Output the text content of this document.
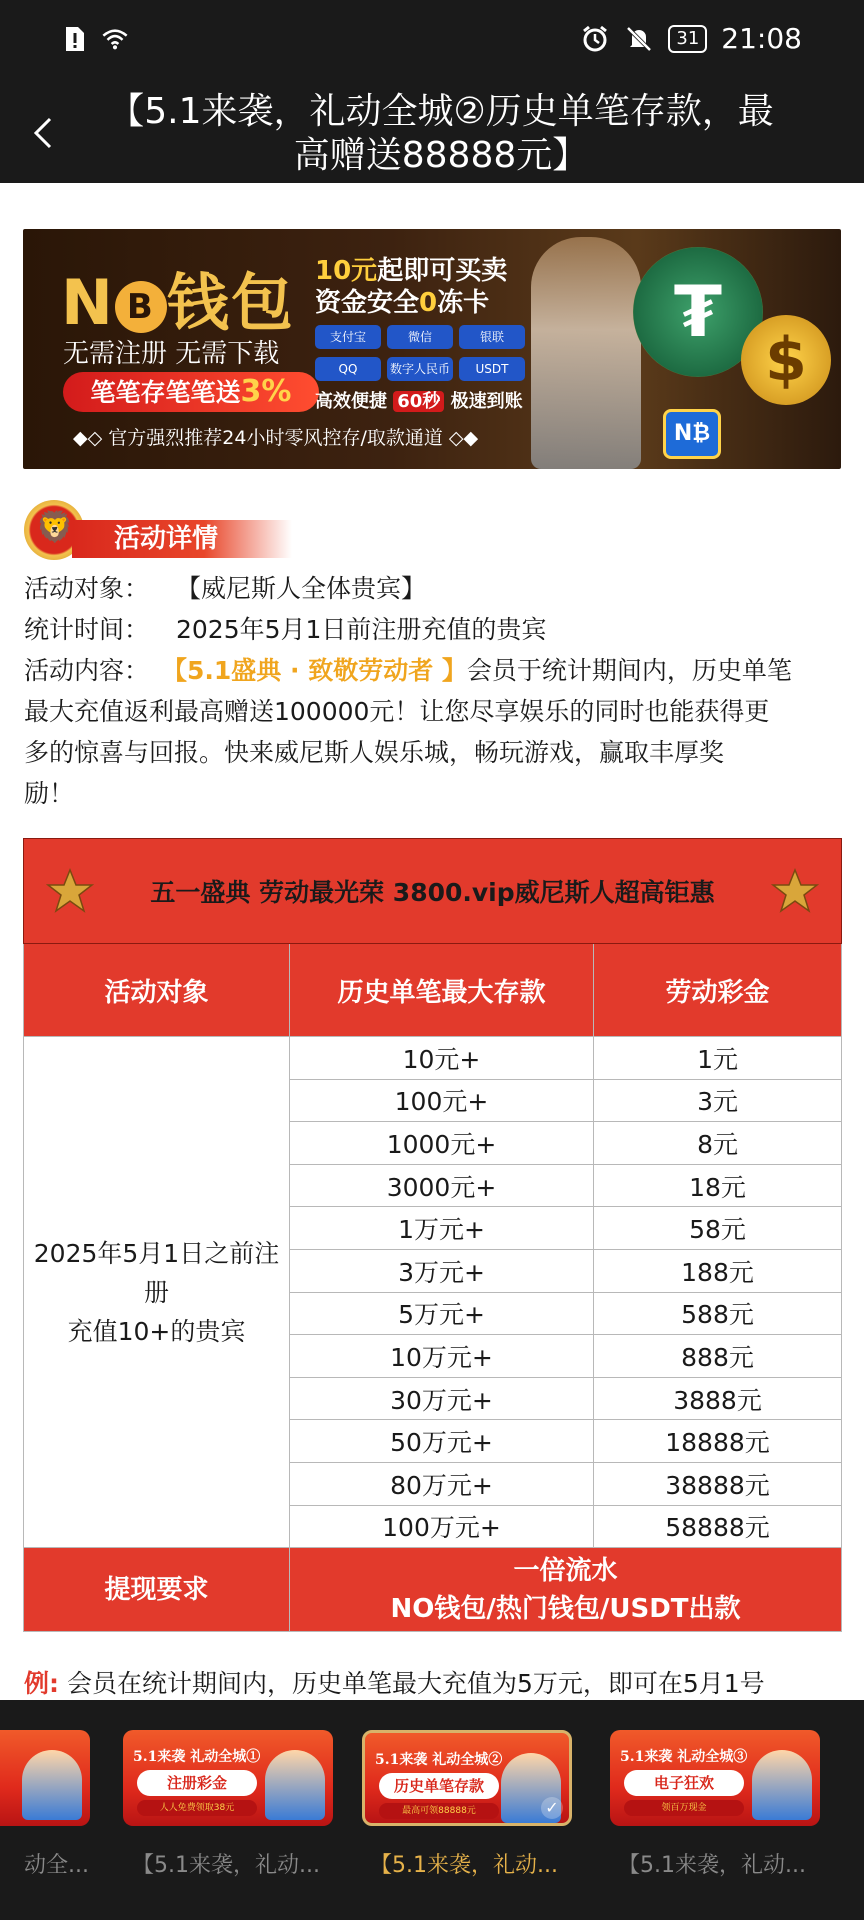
31 21:08
【5.1来袭，礼动全城②历史单笔存款，最
高赠送88888元】
N B 钱包
无需注册 无需下载
笔笔存笔笔送3%
10元起即可买卖
资金安全0冻卡
支付宝	微信	银联
QQ	数字人民币	USDT
高效便捷 60秒 极速到账
◆◇ 官方强烈推荐24小时零风控存/取款通道 ◇◆
₮
$
N₿
🦁
活动详情
活动对象： 【威尼斯人全体贵宾】
统计时间： 2025年5月1日前注册充值的贵宾
活动内容： 【5.1盛典 · 致敬劳动者 】会员于统计期间内，历史单笔
最大充值返利最高赠送100000元！让您尽享娱乐的同时也能获得更
多的惊喜与回报。快来威尼斯人娱乐城，畅玩游戏，赢取丰厚奖
励！
五一盛典 劳动最光荣 3800.vip威尼斯人超高钜惠		

活动对象	历史单笔最大存款	劳动彩金

2025年5月1日之前注
册
充值10+的贵宾	10元+	1元
	100元+	3元
	1000元+	8元
	3000元+	18元
	1万元+	58元
	3万元+	188元
	5万元+	588元
	10万元+	888元
	30万元+	3888元
	50万元+	18888元
	80万元+	38888元
	100万元+	58888元
提现要求	一倍流水
NO钱包/热门钱包/USDT出款	
例: 会员在统计期间内，历史单笔最大充值为5万元，即可在5月1号
动全...
5.1来袭 礼动全城①
注册彩金
人人免费领取38元
【5.1来袭，礼动...
5.1来袭 礼动全城②
历史单笔存款
最高可领88888元	✓
【5.1来袭，礼动...
5.1来袭 礼动全城③
电子狂欢
领百万现金
【5.1来袭，礼动...
